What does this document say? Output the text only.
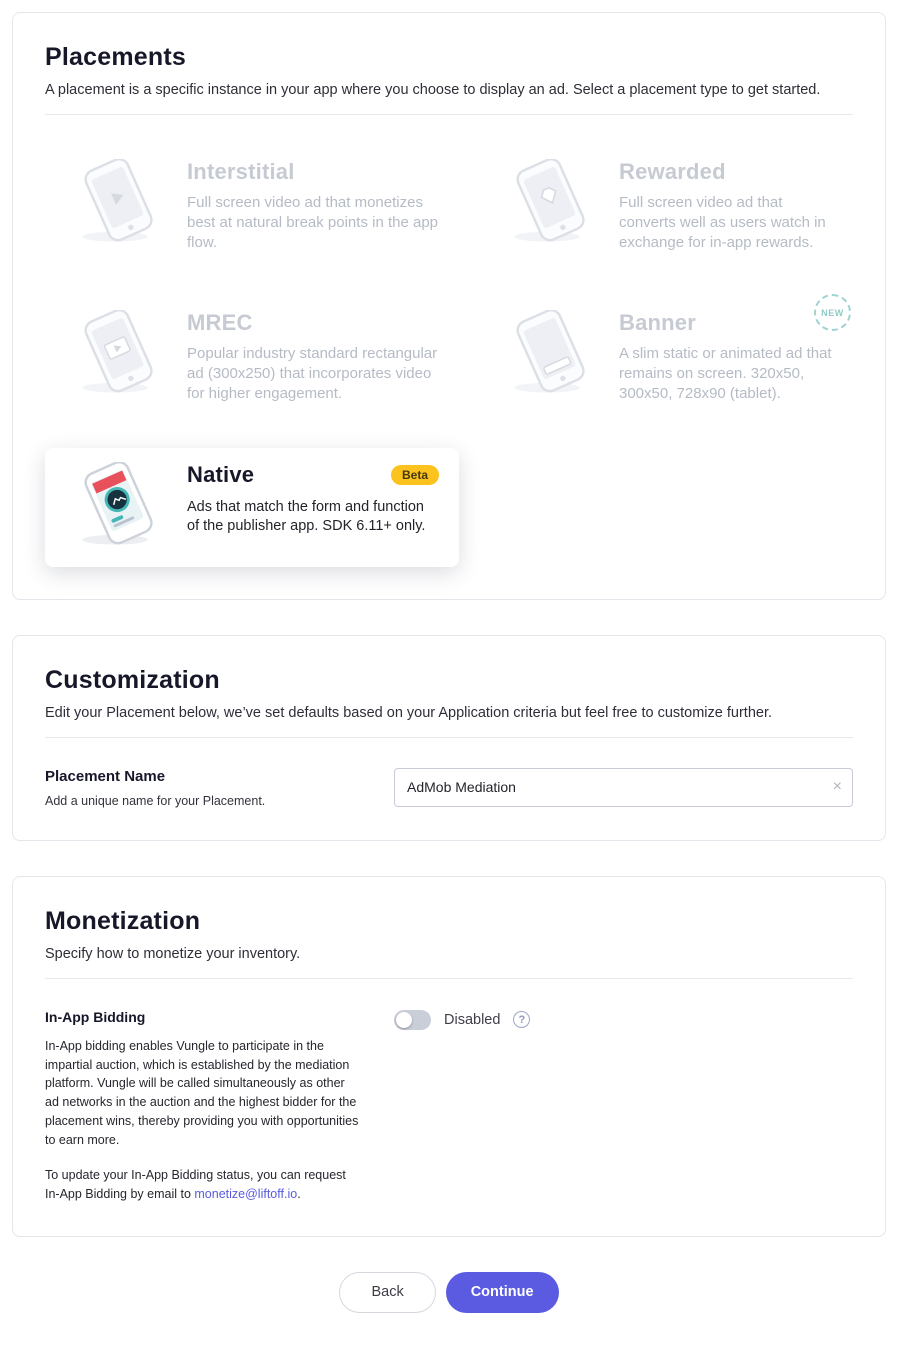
Placements

A placement is a specific instance in your app where you choose to display an ad. Select a placement type to get started.

Interstitial

Full screen video ad that monetizes best at natural break points in the app flow.

Rewarded

Full screen video ad that converts well as users watch in exchange for in-app rewards.

MREC

Popular industry standard rectangular ad (300x250) that incorporates video for higher engagement.

Banner

A slim static or animated ad that remains on screen. 320x50, 300x50, 728x90 (tablet).

NEW
Native	Beta

Ads that match the form and function of the publisher app. SDK 6.11+ only.

Customization

Edit your Placement below, we’ve set defaults based on your Application criteria but feel free to customize further.

Placement Name

Add a unique name for your Placement.

AdMob Mediation
×
Monetization

Specify how to monetize your inventory.

In-App Bidding

In-App bidding enables Vungle to participate in the impartial auction, which is established by the mediation platform. Vungle will be called simultaneously as other ad networks in the auction and the highest bidder for the placement wins, thereby providing you with opportunities to earn more.

To update your In-App Bidding status, you can request In-App Bidding by email to monetize@liftoff.io.

Disabled	?
Back	Continue
